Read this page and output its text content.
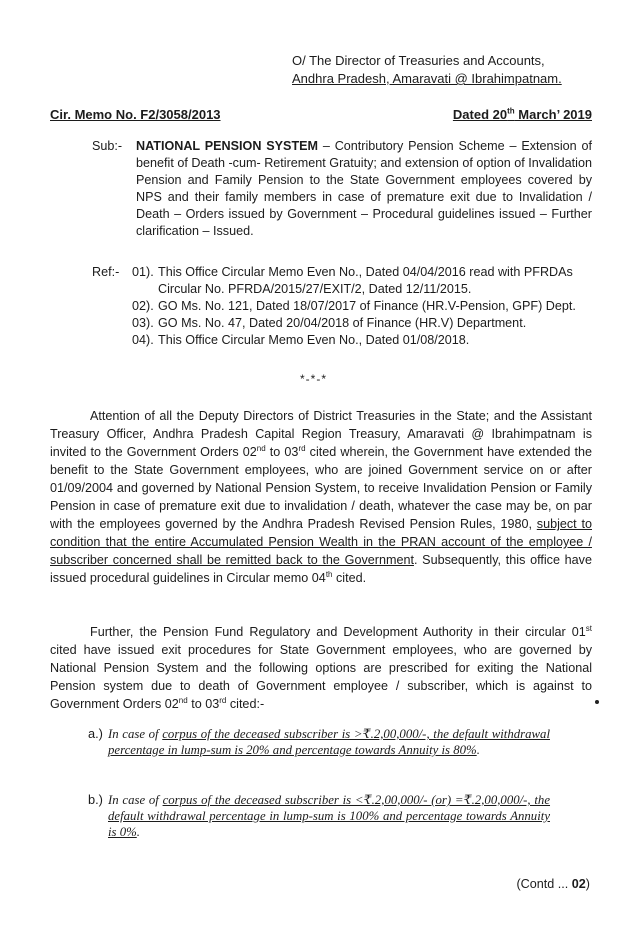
O/ The Director of Treasuries and Accounts,
Andhra Pradesh, Amaravati @ Ibrahimpatnam.
Cir. Memo No. F2/3058/2013	Dated 20th March’ 2019
Sub:- NATIONAL PENSION SYSTEM – Contributory Pension Scheme – Extension of benefit of Death -cum- Retirement Gratuity; and extension of option of Invalidation Pension and Family Pension to the State Government employees covered by NPS and their family members in case of premature exit due to Invalidation / Death – Orders issued by Government – Procedural guidelines issued – Further clarification – Issued.
Ref:- 01). This Office Circular Memo Even No., Dated 04/04/2016 read with PFRDAs Circular No. PFRDA/2015/27/EXIT/2, Dated 12/11/2015.
02). GO Ms. No. 121, Dated 18/07/2017 of Finance (HR.V-Pension, GPF) Dept.
03). GO Ms. No. 47, Dated 20/04/2018 of Finance (HR.V) Department.
04). This Office Circular Memo Even No., Dated 01/08/2018.
*-*-*
Attention of all the Deputy Directors of District Treasuries in the State; and the Assistant Treasury Officer, Andhra Pradesh Capital Region Treasury, Amaravati @ Ibrahimpatnam is invited to the Government Orders 02nd to 03rd cited wherein, the Government have extended the benefit to the State Government employees, who are joined Government service on or after 01/09/2004 and governed by National Pension System, to receive Invalidation Pension or Family Pension in case of premature exit due to invalidation / death, whatever the case may be, on par with the employees governed by the Andhra Pradesh Revised Pension Rules, 1980, subject to condition that the entire Accumulated Pension Wealth in the PRAN account of the employee / subscriber concerned shall be remitted back to the Government. Subsequently, this office have issued procedural guidelines in Circular memo 04th cited.
Further, the Pension Fund Regulatory and Development Authority in their circular 01st cited have issued exit procedures for State Government employees, who are governed by National Pension System and the following options are prescribed for exiting the National Pension system due to death of Government employee / subscriber, which is against to Government Orders 02nd to 03rd cited:-
a.) In case of corpus of the deceased subscriber is >₹.2,00,000/-, the default withdrawal percentage in lump-sum is 20% and percentage towards Annuity is 80%.
b.) In case of corpus of the deceased subscriber is <₹.2,00,000/- (or) =₹.2,00,000/-, the default withdrawal percentage in lump-sum is 100% and percentage towards Annuity is 0%.
(Contd ... 02)
